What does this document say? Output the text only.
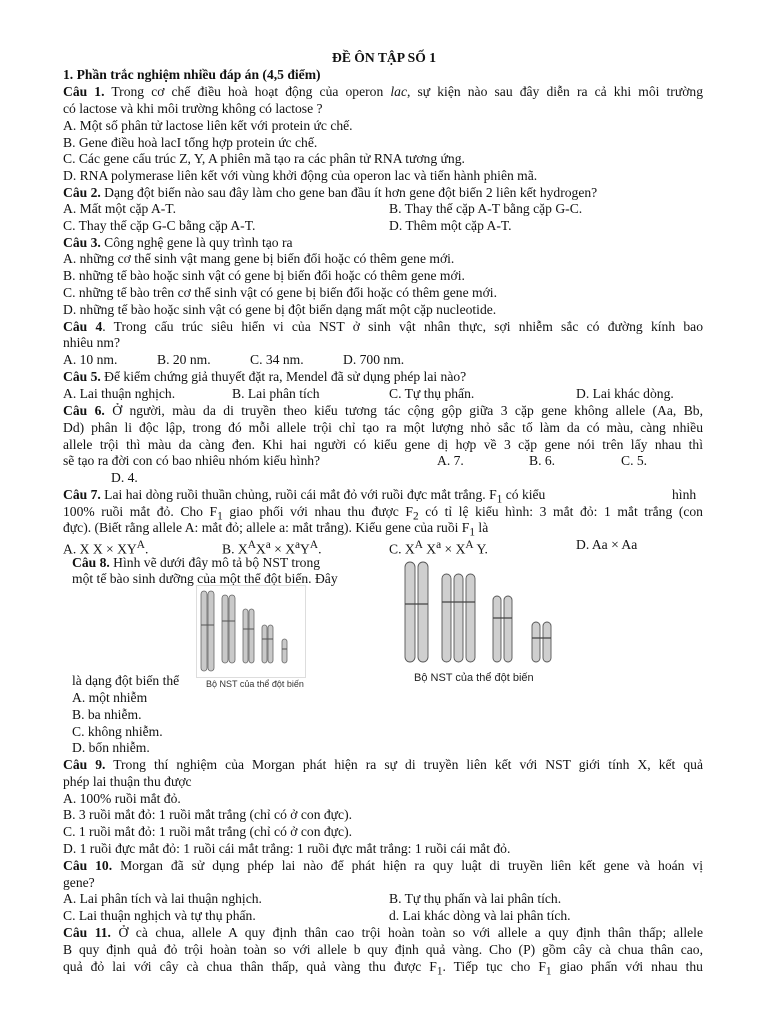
ĐỀ ÔN TẬP SỐ 1
1. Phần trắc nghiệm nhiều đáp án (4,5 điểm)
Câu 1. Trong cơ chế điều hoà hoạt động của operon lac, sự kiện nào sau đây diễn ra cả khi môi trường
có lactose và khi môi trường không có lactose ?
A. Một số phân tử lactose liên kết với protein ức chế.
B. Gene điều hoà lacI tổng hợp protein ức chế.
C. Các gene cấu trúc Z, Y, A phiên mã tạo ra các phân tử RNA tương ứng.
D. RNA polymerase liên kết với vùng khởi động của operon lac và tiến hành phiên mã.
Câu 2. Dạng đột biến nào sau đây làm cho gene ban đầu ít hơn gene đột biến 2 liên kết hydrogen?
A. Mất một cặp A-T.	B. Thay thế cặp A-T bằng cặp G-C.
C. Thay thế cặp G-C bằng cặp A-T.	D. Thêm một cặp A-T.
Câu 3. Công nghệ gene là quy trình tạo ra
A. những cơ thể sinh vật mang gene bị biến đổi hoặc có thêm gene mới.
B. những tế bào hoặc sinh vật có gene bị biến đổi hoặc có thêm gene mới.
C. những tế bào trên cơ thể sinh vật có gene bị biến đổi hoặc có thêm gene mới.
D. những tế bào hoặc sinh vật có gene bị đột biến dạng mất một cặp nucleotide.
Câu 4. Trong cấu trúc siêu hiển vi của NST ở sinh vật nhân thực, sợi nhiễm sắc có đường kính bao
nhiêu nm?
A. 10 nm.	B. 20 nm.	C. 34 nm.	D. 700 nm.
Câu 5. Để kiểm chứng giả thuyết đặt ra, Mendel đã sử dụng phép lai nào?
A. Lai thuận nghịch.	B. Lai phân tích	C. Tự thụ phấn.	D. Lai khác dòng.
Câu 6. Ở người, màu da di truyền theo kiểu tương tác cộng gộp giữa 3 cặp gene không allele (Aa, Bb,
Dd) phân li độc lập, trong đó mỗi allele trội chỉ tạo ra một lượng nhỏ sắc tố làm da có màu, càng nhiều
allele trội thì màu da càng đen. Khi hai người có kiểu gene dị hợp về 3 cặp gene nói trên lấy nhau thì
sẽ tạo ra đời con có bao nhiêu nhóm kiểu hình?	A. 7.	B. 6.	C. 5.
D. 4.
Câu 7. Lai hai dòng ruồi thuần chủng, ruồi cái mắt đỏ với ruồi đực mắt trắng. $F_1$ có kiểu	hình
100% ruồi mắt đỏ. Cho $F_1$ giao phối với nhau thu được $F_2$ có tỉ lệ kiểu hình: 3 mắt đỏ: 1 mắt trắng (con
đực). (Biết rằng allele A: mắt đỏ; allele a: mắt trắng). Kiểu gene của ruồi $F_1$ là
A. X $X \times XY^A$.	B. $X^AX^a \times X^aY^A$.	C. $X^A$ $X^a \times X^A$ Y.	D. Aa × Aa
Câu 8. Hình vẽ dưới đây mô tả bộ NST trong
một tế bào sinh dưỡng của một thể đột biến. Đây
là dạng đột biến thể	Bộ NST của thể đột biến	Bộ NST của thể đột biến
A. một nhiễm
B. ba nhiễm.
C. không nhiễm.
D. bốn nhiễm.
Câu 9. Trong thí nghiệm của Morgan phát hiện ra sự di truyền liên kết với NST giới tính X, kết quả
phép lai thuận thu được
A. 100% ruồi mắt đỏ.
B. 3 ruồi mắt đỏ: 1 ruồi mắt trắng (chỉ có ở con đực).
C. 1 ruồi mắt đỏ: 1 ruồi mắt trắng (chỉ có ở con đực).
D. 1 ruồi đực mắt đỏ: 1 ruồi cái mắt trắng: 1 ruồi đực mắt trắng: 1 ruồi cái mắt đỏ.
Câu 10. Morgan đã sử dụng phép lai nào để phát hiện ra quy luật di truyền liên kết gene và hoán vị
gene?
A. Lai phân tích và lai thuận nghịch.	B. Tự thụ phấn và lai phân tích.
C. Lai thuận nghịch và tự thụ phấn.	d. Lai khác dòng và lai phân tích.
Câu 11. Ở cà chua, allele A quy định thân cao trội hoàn toàn so với allele a quy định thân thấp; allele
B quy định quả đỏ trội hoàn toàn so với allele b quy định quả vàng. Cho (P) gồm cây cà chua thân cao,
quả đỏ lai với cây cà chua thân thấp, quả vàng thu được $F_1$. Tiếp tục cho $F_1$ giao phấn với nhau thu
